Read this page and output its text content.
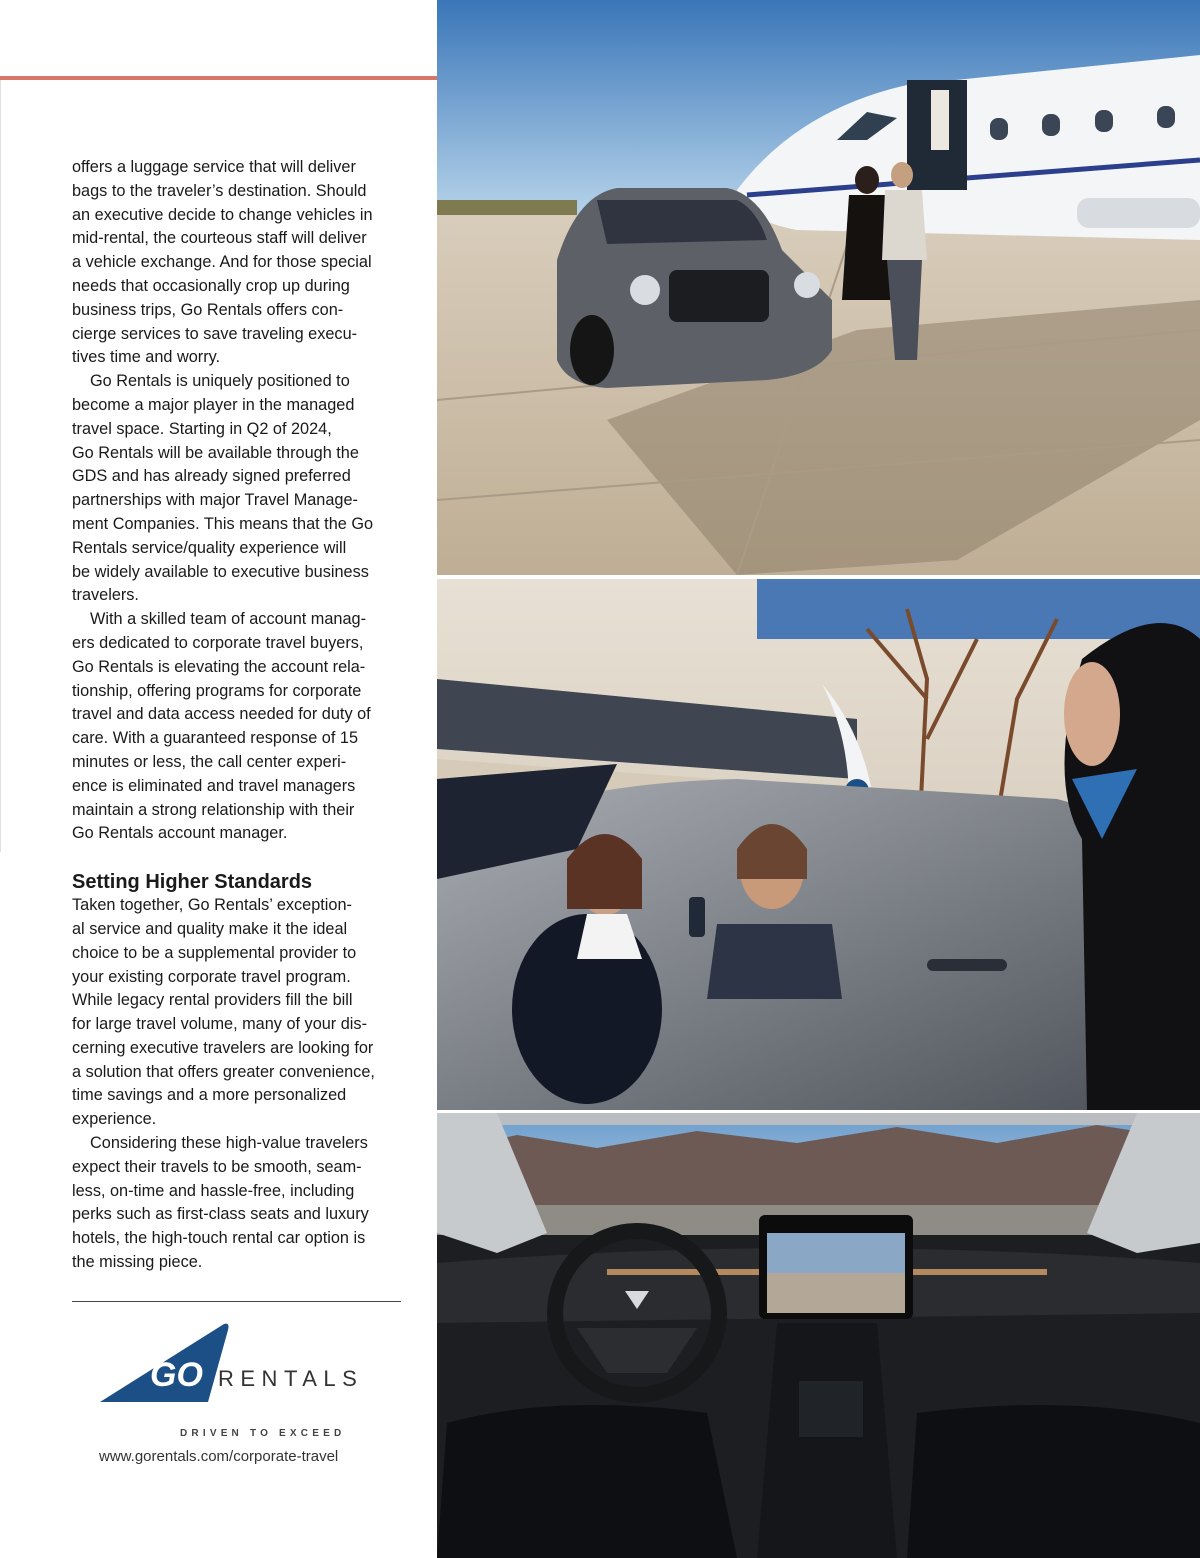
offers a luggage service that will deliver
bags to the traveler’s destination. Should
an executive decide to change vehicles in
mid-rental, the courteous staff will deliver
a vehicle exchange. And for those special
needs that occasionally crop up during
business trips, Go Rentals offers con-
cierge services to save traveling execu-
tives time and worry.

Go Rentals is uniquely positioned to
become a major player in the managed
travel space. Starting in Q2 of 2024,
Go Rentals will be available through the
GDS and has already signed preferred
partnerships with major Travel Manage-
ment Companies. This means that the Go
Rentals service/quality experience will
be widely available to executive business
travelers.

With a skilled team of account manag-
ers dedicated to corporate travel buyers,
Go Rentals is elevating the account rela-
tionship, offering programs for corporate
travel and data access needed for duty of
care. With a guaranteed response of 15
minutes or less, the call center experi-
ence is eliminated and travel managers
maintain a strong relationship with their
Go Rentals account manager.

Setting Higher Standards

Taken together, Go Rentals’ exception-
al service and quality make it the ideal
choice to be a supplemental provider to
your existing corporate travel program.
While legacy rental providers fill the bill
for large travel volume, many of your dis-
cerning executive travelers are looking for
a solution that offers greater convenience,
time savings and a more personalized
experience.

Considering these high-value travelers
expect their travels to be smooth, seam-
less, on-time and hassle-free, including
perks such as first-class seats and luxury
hotels, the high-touch rental car option is
the missing piece.

GO RENTALS
DRIVEN TO EXCEED
www.gorentals.com/corporate-travel
